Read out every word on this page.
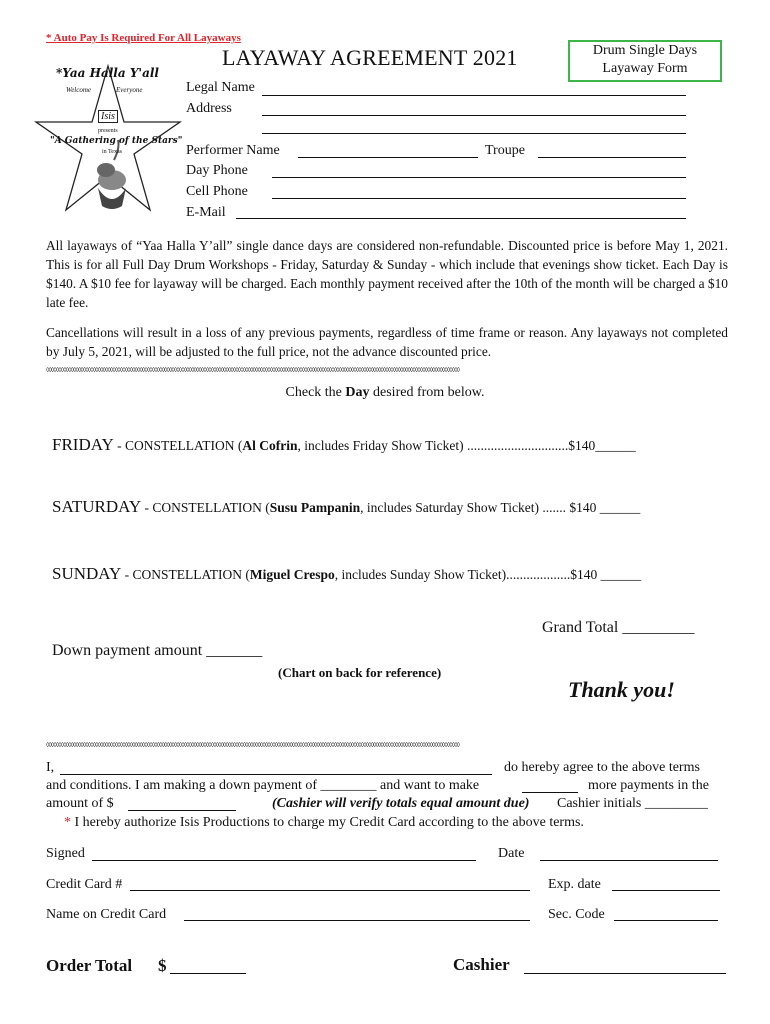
* Auto Pay Is Required For All Layaways
LAYAWAY AGREEMENT 2021	Drum Single Days
Layaway Form
*Yaa Halla Y'all
Welcome	Everyone
Isis
presents
"A Gathering of the Stars"
in Texas
Legal Name
Address
Performer Name	Troupe
Day Phone
Cell Phone
E-Mail
All layaways of “Yaa Halla Y’all” single dance days are considered non-refundable. Discounted price is before May 1, 2021. This is for all Full Day Drum Workshops - Friday, Saturday & Sunday - which include that evenings show ticket. Each Day is $140. A $10 fee for layaway will be charged. Each monthly payment received after the 10th of the month will be charged a $10 late fee.
Cancellations will result in a loss of any previous payments, regardless of time frame or reason. Any layaways not completed by July 5, 2021, will be adjusted to the full price, not the advance discounted price.
◊◊◊◊◊◊◊◊◊◊◊◊◊◊◊◊◊◊◊◊◊◊◊◊◊◊◊◊◊◊◊◊◊◊◊◊◊◊◊◊◊◊◊◊◊◊◊◊◊◊◊◊◊◊◊◊◊◊◊◊◊◊◊◊◊◊◊◊◊◊◊◊◊◊◊◊◊◊◊◊◊◊◊◊◊◊◊◊◊◊◊◊◊◊◊◊◊◊◊◊◊◊◊◊◊◊◊◊◊◊◊◊◊◊◊◊◊◊◊◊◊◊◊◊◊◊◊◊◊◊◊◊◊◊◊◊◊◊◊◊◊◊◊◊◊◊◊◊◊◊◊◊◊◊◊◊◊◊◊◊◊◊◊◊◊◊◊◊
Check the Day desired from below.
FRIDAY - CONSTELLATION (Al Cofrin, includes Friday Show Ticket) ..............................$140______
SATURDAY - CONSTELLATION (Susu Pampanin, includes Saturday Show Ticket) ....... $140 ______
SUNDAY - CONSTELLATION (Miguel Crespo, includes Sunday Show Ticket)...................$140 ______
Grand Total _________
Down payment amount _______
(Chart on back for reference)
Thank you!
◊◊◊◊◊◊◊◊◊◊◊◊◊◊◊◊◊◊◊◊◊◊◊◊◊◊◊◊◊◊◊◊◊◊◊◊◊◊◊◊◊◊◊◊◊◊◊◊◊◊◊◊◊◊◊◊◊◊◊◊◊◊◊◊◊◊◊◊◊◊◊◊◊◊◊◊◊◊◊◊◊◊◊◊◊◊◊◊◊◊◊◊◊◊◊◊◊◊◊◊◊◊◊◊◊◊◊◊◊◊◊◊◊◊◊◊◊◊◊◊◊◊◊◊◊◊◊◊◊◊◊◊◊◊◊◊◊◊◊◊◊◊◊◊◊◊◊◊◊◊◊◊◊◊◊◊◊◊◊◊◊◊◊◊◊◊◊◊
I,	do hereby agree to the above terms
and conditions. I am making a down payment of ________ and want to make	more payments in the
amount of $	(Cashier will verify totals equal amount due) Cashier initials _________
* I hereby authorize Isis Productions to charge my Credit Card according to the above terms.
Signed	Date
Credit Card #	Exp. date
Name on Credit Card	Sec. Code
Order Total $	Cashier
